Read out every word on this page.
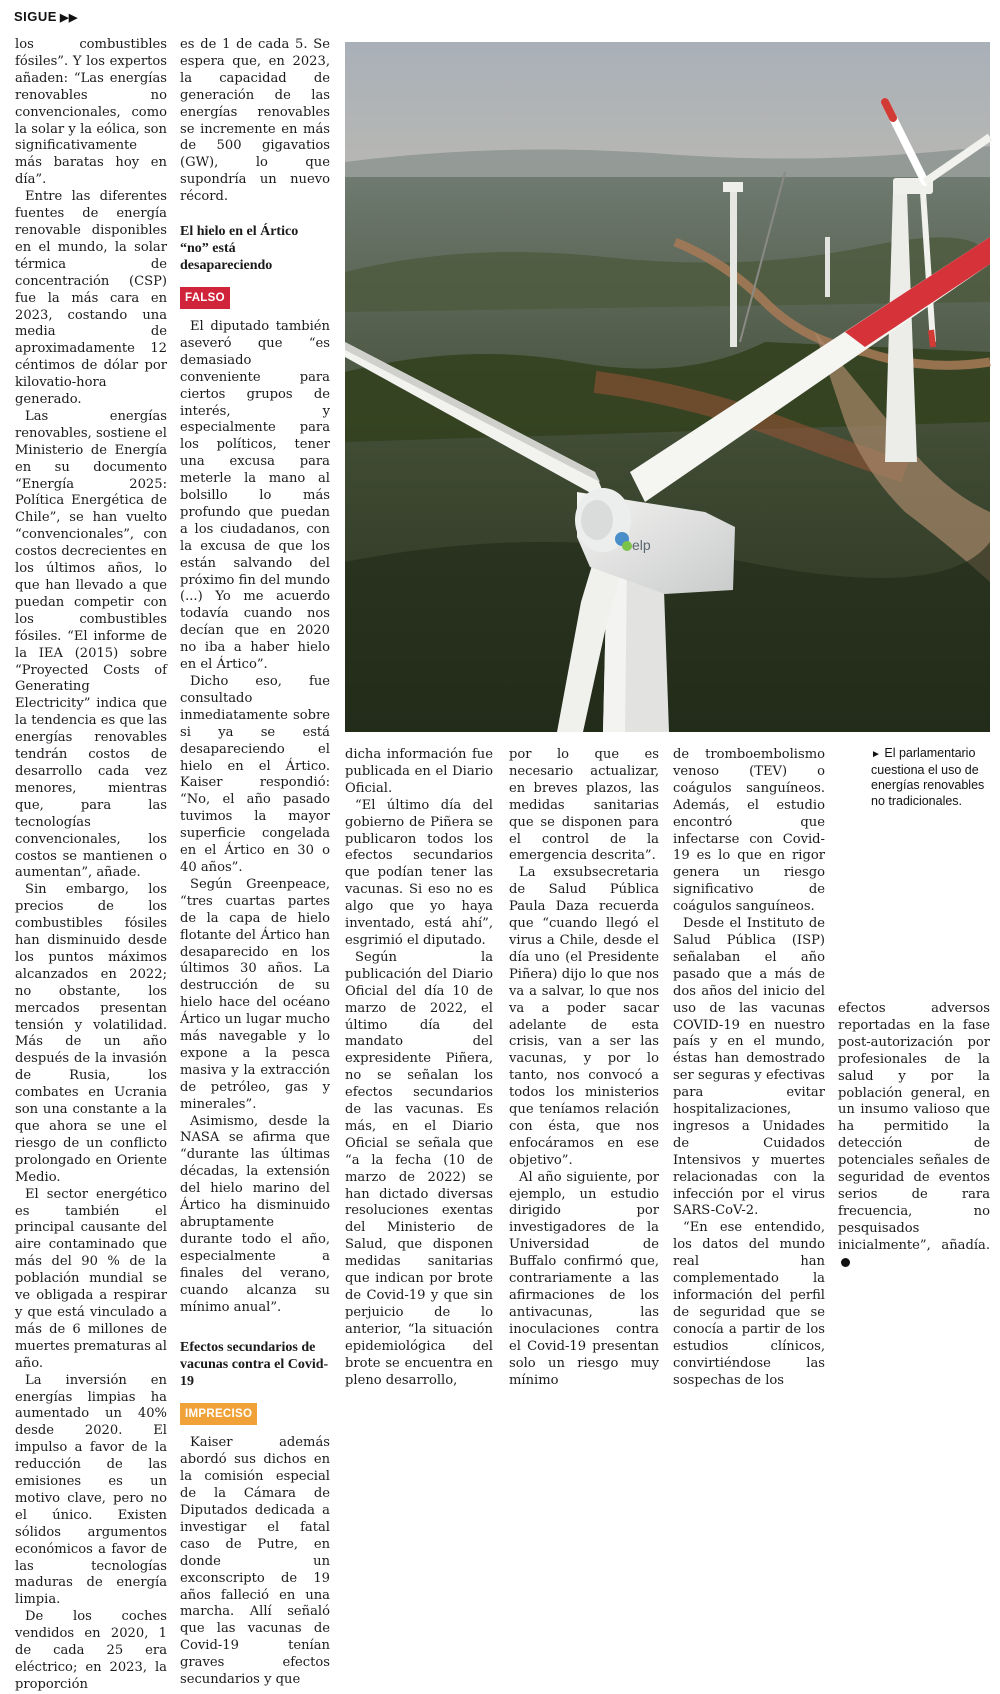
SIGUE ▶▶

los combustibles fósiles”. Y los expertos añaden: “Las energías renovables no convencionales, como la solar y la eólica, son significativamente más baratas hoy en día”.

Entre las diferentes fuentes de energía renovable disponibles en el mundo, la solar térmica de concentración (CSP) fue la más cara en 2023, costando una media de aproximadamente 12 céntimos de dólar por kilovatio-hora generado.

Las energías renovables, sostiene el Ministerio de Energía en su documento “Energía 2025: Política Energética de Chile”, se han vuelto “convencionales”, con costos decrecientes en los últimos años, lo que han llevado a que puedan competir con los combustibles fósiles. “El informe de la IEA (2015) sobre “Proyected Costs of Generating Electricity” indica que la tendencia es que las energías renovables tendrán costos de desarrollo cada vez menores, mientras que, para las tecnologías convencionales, los costos se mantienen o aumentan”, añade.

Sin embargo, los precios de los combustibles fósiles han disminuido desde los puntos máximos alcanzados en 2022; no obstante, los mercados presentan tensión y volatilidad. Más de un año después de la invasión de Rusia, los combates en Ucrania son una constante a la que ahora se une el riesgo de un conflicto prolongado en Oriente Medio.

El sector energético es también el principal causante del aire contaminado que más del 90 % de la población mundial se ve obligada a respirar y que está vinculado a más de 6 millones de muertes prematuras al año.

La inversión en energías limpias ha aumentado un 40% desde 2020. El impulso a favor de la reducción de las emisiones es un motivo clave, pero no el único. Existen sólidos argumentos económicos a favor de las tecnologías maduras de energía limpia.

De los coches vendidos en 2020, 1 de cada 25 era eléctrico; en 2023, la proporción

es de 1 de cada 5. Se espera que, en 2023, la capacidad de generación de las energías renovables se incremente en más de 500 gigavatios (GW), lo que supondría un nuevo récord.

El hielo en el Ártico “no” está desapareciendo
FALSO

El diputado también aseveró que “es demasiado conveniente para ciertos grupos de interés, y especialmente para los políticos, tener una excusa para meterle la mano al bolsillo lo más profundo que puedan a los ciudadanos, con la excusa de que los están salvando del próximo fin del mundo (...) Yo me acuerdo todavía cuando nos decían que en 2020 no iba a haber hielo en el Ártico”.

Dicho eso, fue consultado inmediatamente sobre si ya se está desapareciendo el hielo en el Ártico. Kaiser respondió: “No, el año pasado tuvimos la mayor superficie congelada en el Ártico en 30 o 40 años”.

Según Greenpeace, “tres cuartas partes de la capa de hielo flotante del Ártico han desaparecido en los últimos 30 años. La destrucción de su hielo hace del océano Ártico un lugar mucho más navegable y lo expone a la pesca masiva y la extracción de petróleo, gas y minerales”.

Asimismo, desde la NASA se afirma que “durante las últimas décadas, la extensión del hielo marino del Ártico ha disminuido abruptamente durante todo el año, especialmente a finales del verano, cuando alcanza su mínimo anual”.

Efectos secundarios de vacunas contra el Covid-19
IMPRECISO

Kaiser además abordó sus dichos en la comisión especial de la Cámara de Diputados dedicada a investigar el fatal caso de Putre, en donde un exconscripto de 19 años falleció en una marcha. Allí señaló que las vacunas de Covid-19 tenían graves efectos secundarios y que

elp

dicha información fue publicada en el Diario Oficial.

“El último día del gobierno de Piñera se publicaron todos los efectos secundarios que podían tener las vacunas. Si eso no es algo que yo haya inventado, está ahí”, esgrimió el diputado.

Según la publicación del Diario Oficial del día 10 de marzo de 2022, el último día del mandato del expresidente Piñera, no se señalan los efectos secundarios de las vacunas. Es más, en el Diario Oficial se señala que “a la fecha (10 de marzo de 2022) se han dictado diversas resoluciones exentas del Ministerio de Salud, que disponen medidas sanitarias que indican por brote de Covid-19 y que sin perjuicio de lo anterior, “la situación epidemiológica del brote se encuentra en pleno desarrollo,

por lo que es necesario actualizar, en breves plazos, las medidas sanitarias que se disponen para el control de la emergencia descrita”.

La exsubsecretaria de Salud Pública Paula Daza recuerda que “cuando llegó el virus a Chile, desde el día uno (el Presidente Piñera) dijo lo que nos va a salvar, lo que nos va a poder sacar adelante de esta crisis, van a ser las vacunas, y por lo tanto, nos convocó a todos los ministerios que teníamos relación con ésta, que nos enfocáramos en ese objetivo”.

Al año siguiente, por ejemplo, un estudio dirigido por investigadores de la Universidad de Buffalo confirmó que, contrariamente a las afirmaciones de los antivacunas, las inoculaciones contra el Covid-19 presentan solo un riesgo muy mínimo

de tromboembolismo venoso (TEV) o coágulos sanguíneos. Además, el estudio encontró que infectarse con Covid-19 es lo que en rigor genera un riesgo significativo de coágulos sanguíneos.

Desde el Instituto de Salud Pública (ISP) señalaban el año pasado que a más de dos años del inicio del uso de las vacunas COVID-19 en nuestro país y en el mundo, éstas han demostrado ser seguras y efectivas para evitar hospitalizaciones, ingresos a Unidades de Cuidados Intensivos y muertes relacionadas con la infección por el virus SARS-CoV-2.

“En ese entendido, los datos del mundo real han complementado la información del perfil de seguridad que se conocía a partir de los estudios clínicos, convirtiéndose las sospechas de los

► El parlamentario cuestiona el uso de energías renovables no tradicionales.

efectos adversos reportadas en la fase post-autorización por profesionales de la salud y por la población general, en un insumo valioso que ha permitido la detección de potenciales señales de seguridad de eventos serios de rara frecuencia, no pesquisados inicialmente”, añadía.
